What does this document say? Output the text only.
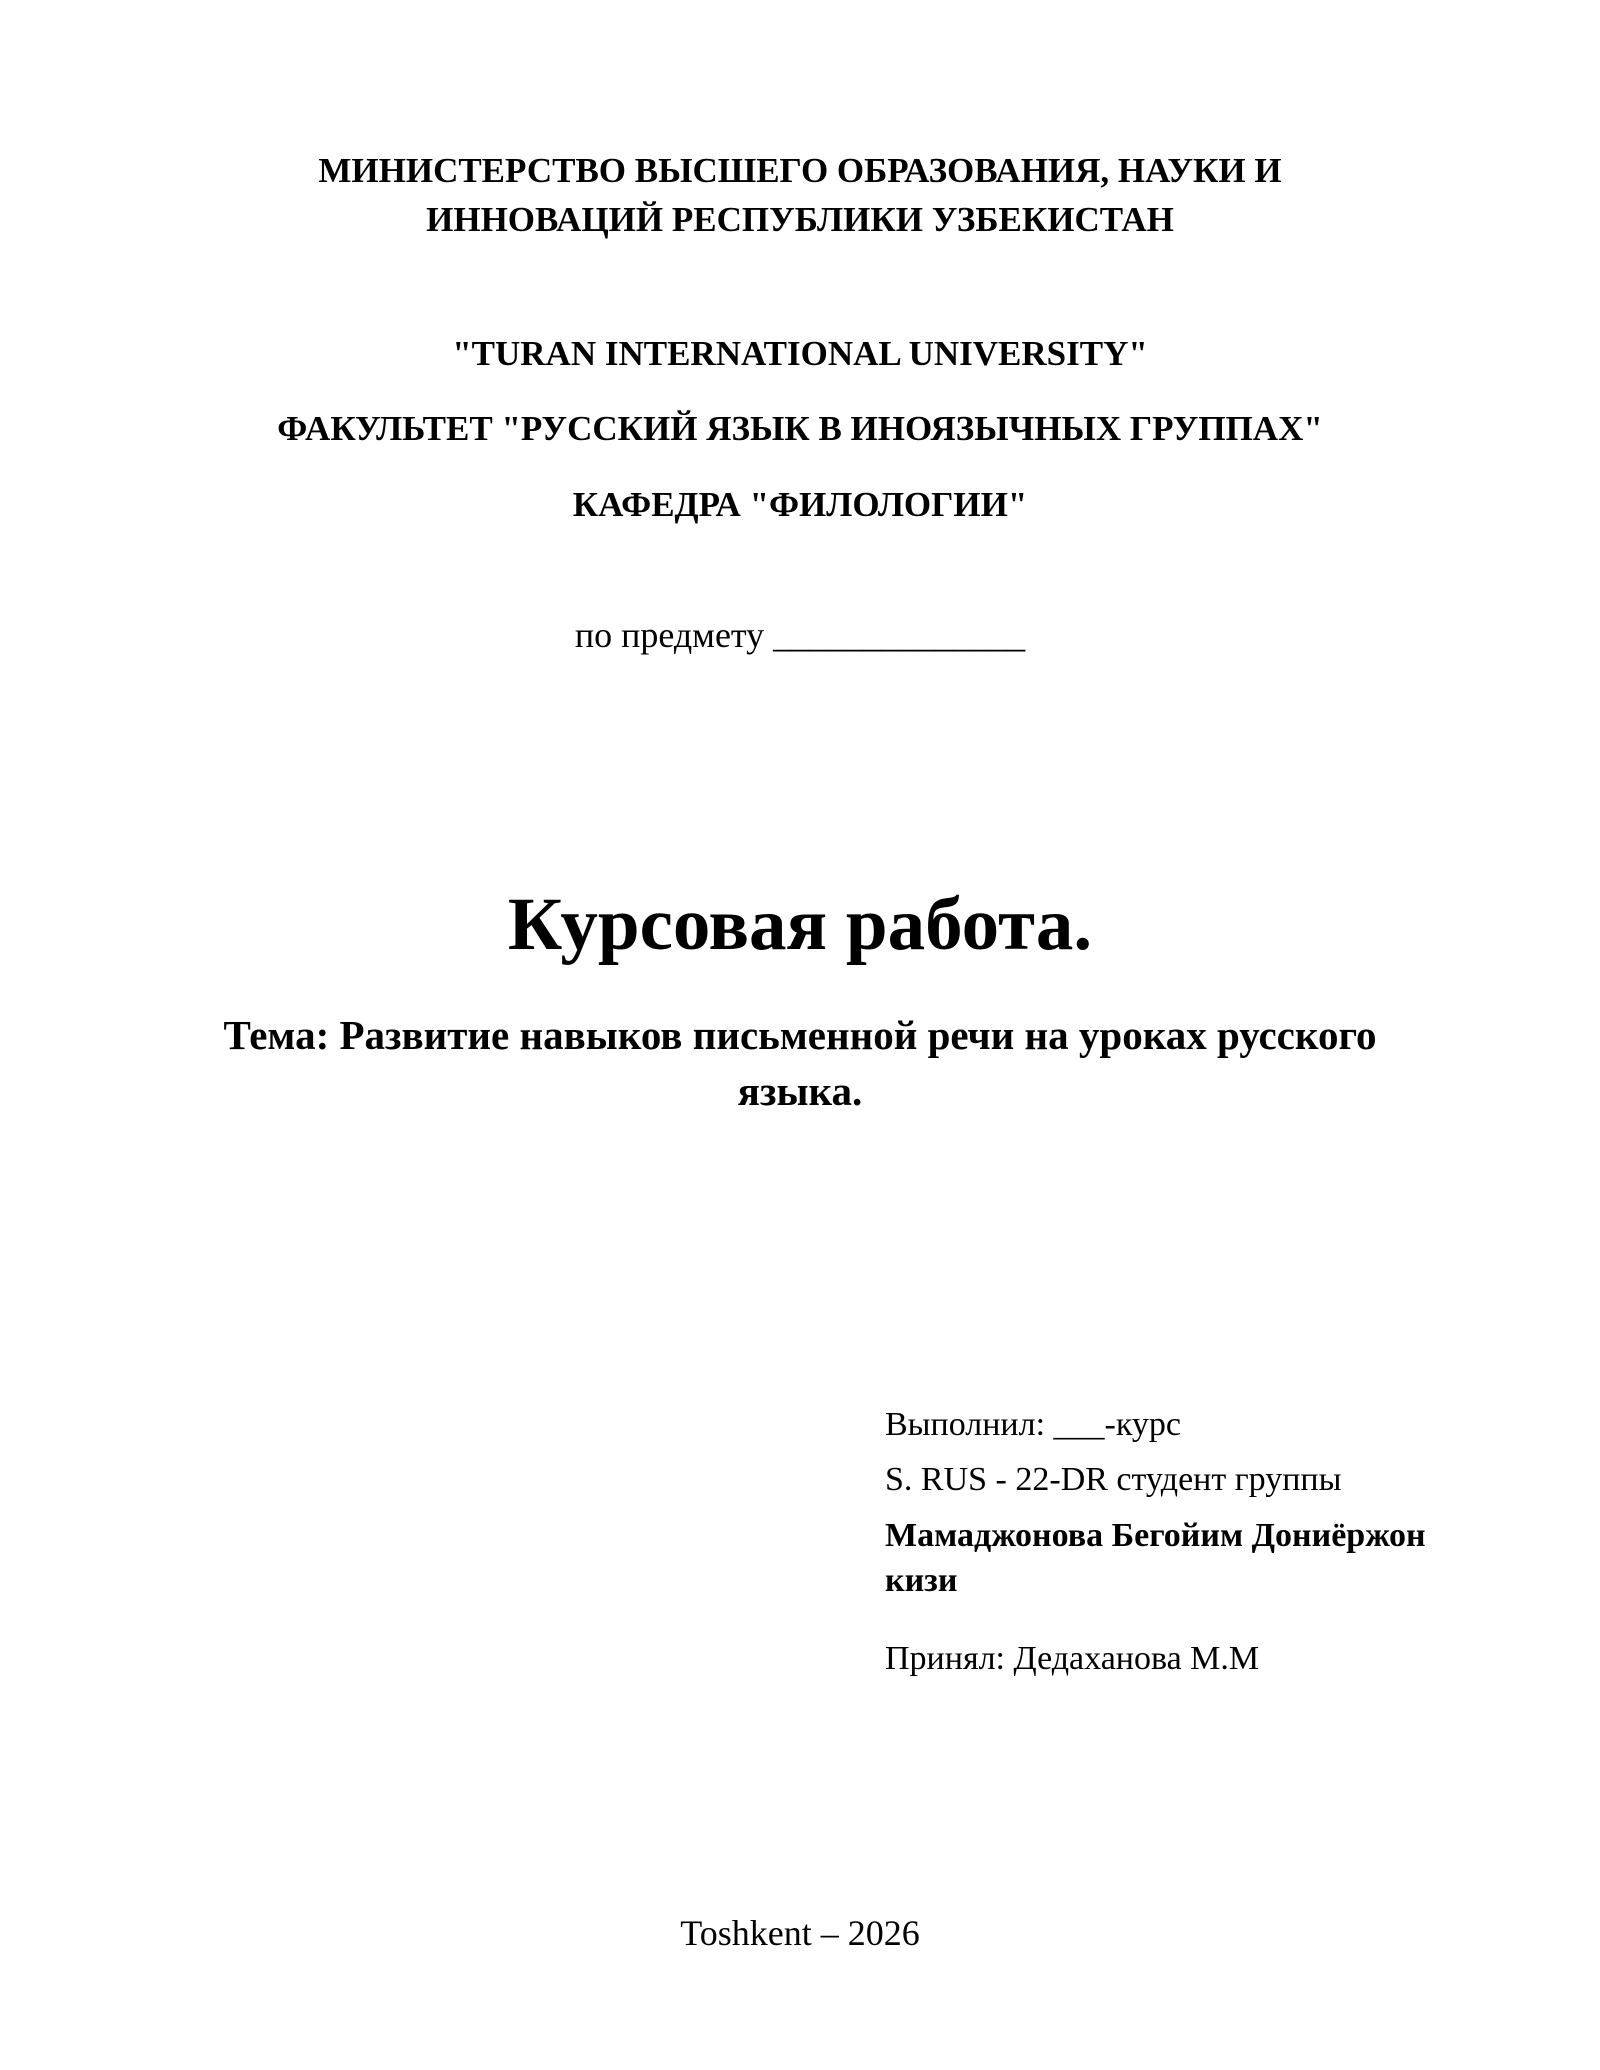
МИНИСТЕРСТВО ВЫСШЕГО ОБРАЗОВАНИЯ, НАУКИ И
ИННОВАЦИЙ РЕСПУБЛИКИ УЗБЕКИСТАН
"TURAN INTERNATIONAL UNIVERSITY"
ФАКУЛЬТЕТ "РУССКИЙ ЯЗЫК В ИНОЯЗЫЧНЫХ ГРУППАХ"
КАФЕДРА "ФИЛОЛОГИИ"
по предмету ______________
Курсовая работа.
Тема: Развитие навыков письменной речи на уроках русского
языка.
Выполнил: ___-курс
S. RUS - 22-DR студент группы
Мамаджонова Бегойим Дониёржон кизи
Принял: Дедаханова М.М
Toshkent – 2026
